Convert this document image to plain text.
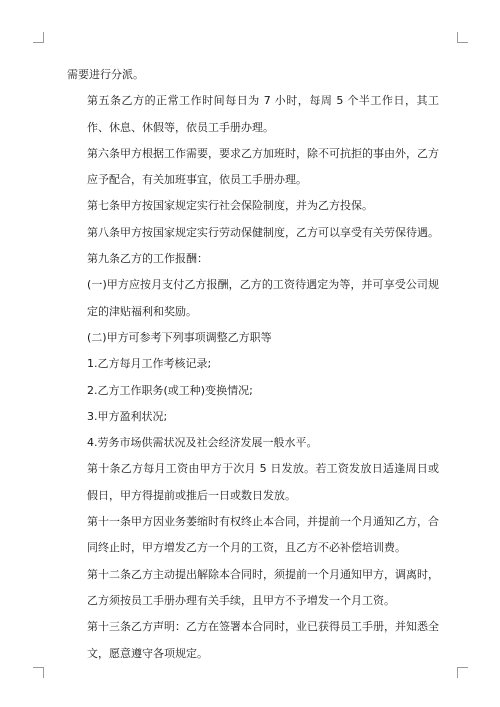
需要进行分派。

第五条乙方的正常工作时间每日为 7 小时，每周 5 个半工作日，其工作、休息、休假等，依员工手册办理。

第六条甲方根据工作需要，要求乙方加班时，除不可抗拒的事由外，乙方应予配合，有关加班事宜，依员工手册办理。

第七条甲方按国家规定实行社会保险制度，并为乙方投保。

第八条甲方按国家规定实行劳动保健制度，乙方可以享受有关劳保待遇。

第九条乙方的工作报酬：

(一)甲方应按月支付乙方报酬，乙方的工资待遇定为等，并可享受公司规定的津贴福利和奖励。

(二)甲方可参考下列事项调整乙方职等

1.乙方每月工作考核记录;

2.乙方工作职务(或工种)变换情况;

3.甲方盈利状况;

4.劳务市场供需状况及社会经济发展一般水平。

第十条乙方每月工资由甲方于次月 5 日发放。若工资发放日适逢周日或假日，甲方得提前或推后一日或数日发放。

第十一条甲方因业务萎缩时有权终止本合同，并提前一个月通知乙方，合同终止时，甲方增发乙方一个月的工资，且乙方不必补偿培训费。

第十二条乙方主动提出解除本合同时，须提前一个月通知甲方，调离时，乙方须按员工手册办理有关手续，且甲方不予增发一个月工资。

第十三条乙方声明：乙方在签署本合同时，业已获得员工手册，并知悉全文，愿意遵守各项规定。
